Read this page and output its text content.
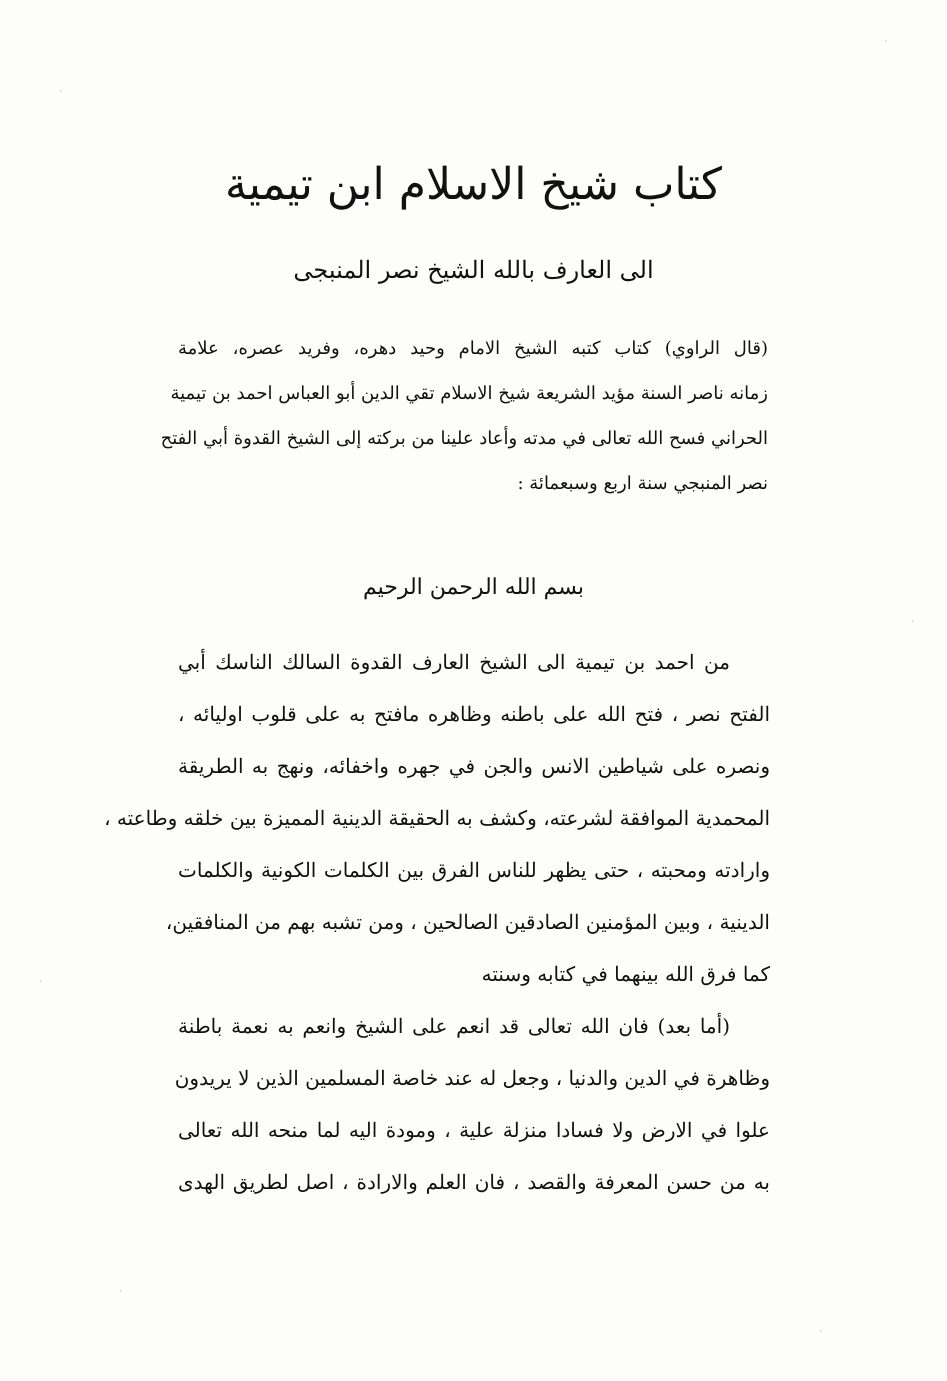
كتاب شيخ الاسلام ابن تيمية
الى العارف بالله الشيخ نصر المنبجى
(قال الراوي) كتاب كتبه الشيخ الامام وحيد دهره، وفريد عصره، علامة
زمانه ناصر السنة مؤيد الشريعة شيخ الاسلام تقي الدين أبو العباس احمد بن تيمية
الحراني فسح الله تعالى في مدته وأعاد علينا من بركته إلى الشيخ القدوة أبي الفتح
نصر المنبجي سنة اربع وسبعمائة :
بسم الله الرحمن الرحيم
من احمد بن تيمية الى الشيخ العارف القدوة السالك الناسك أبي
الفتح نصر ، فتح الله على باطنه وظاهره مافتح به على قلوب اوليائه ،
ونصره على شياطين الانس والجن في جهره واخفائه، ونهج به الطريقة
المحمدية الموافقة لشرعته، وكشف به الحقيقة الدينية المميزة بين خلقه وطاعته ،
وارادته ومحبته ، حتى يظهر للناس الفرق بين الكلمات الكونية والكلمات
الدينية ، وبين المؤمنين الصادقين الصالحين ، ومن تشبه بهم من المنافقين،
كما فرق الله بينهما في كتابه وسنته
(أما بعد) فان الله تعالى قد انعم على الشيخ وانعم به نعمة باطنة
وظاهرة في الدين والدنيا ، وجعل له عند خاصة المسلمين الذين لا يريدون
علوا في الارض ولا فسادا منزلة علية ، ومودة اليه لما منحه الله تعالى
به من حسن المعرفة والقصد ، فان العلم والارادة ، اصل لطريق الهدى
